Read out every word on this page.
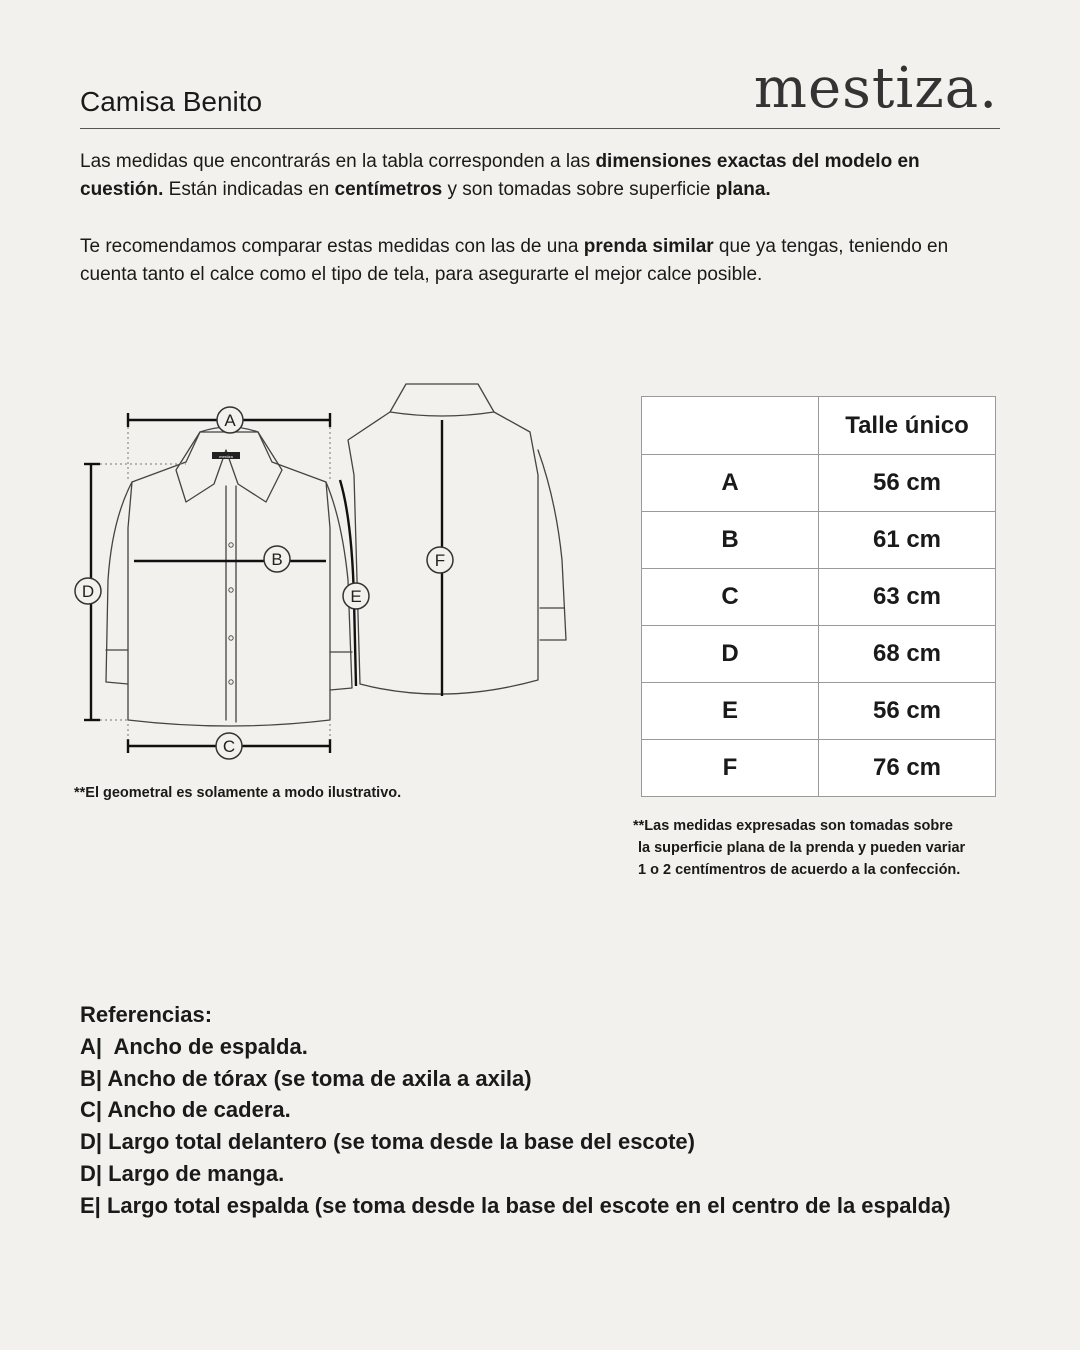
Camisa Benito	mestiza.

Las medidas que encontrarás en la tabla corresponden a las dimensiones exactas del modelo en cuestión. Están indicadas en centímetros y son tomadas sobre superficie plana.

Te recomendamos comparar estas medidas con las de una prenda similar que ya tengas, teniendo en cuenta tanto el calce como el tipo de tela, para asegurarte el mejor calce posible.

mestiza
A
B
C
D	E
F
**El geometral es solamente a modo ilustrativo.
	Talle único
A	56 cm
B	61 cm
C	63 cm
D	68 cm
E	56 cm
F	76 cm
**Las medidas expresadas son tomadas sobre
la superficie plana de la prenda y pueden variar
1 o 2 centímentros de acuerdo a la confección.
Referencias:
A|  Ancho de espalda.
B| Ancho de tórax (se toma de axila a axila)
C| Ancho de cadera.
D| Largo total delantero (se toma desde la base del escote)
D| Largo de manga.
E| Largo total espalda (se toma desde la base del escote en el centro de la espalda)
